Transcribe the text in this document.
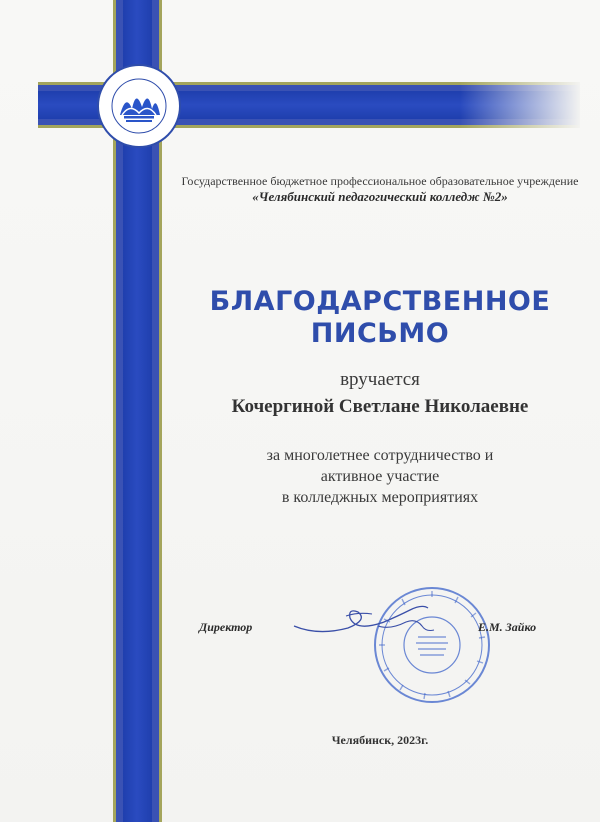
Государственное бюджетное профессиональное образовательное учреждение
«Челябинский педагогический колледж №2»
БЛАГОДАРСТВЕННОЕ
ПИСЬМО
вручается
Кочергиной Светлане Николаевне
за многолетнее сотрудничество и
активное участие
в колледжных мероприятиях
Директор	Е.М. Зайко
Челябинск, 2023г.
